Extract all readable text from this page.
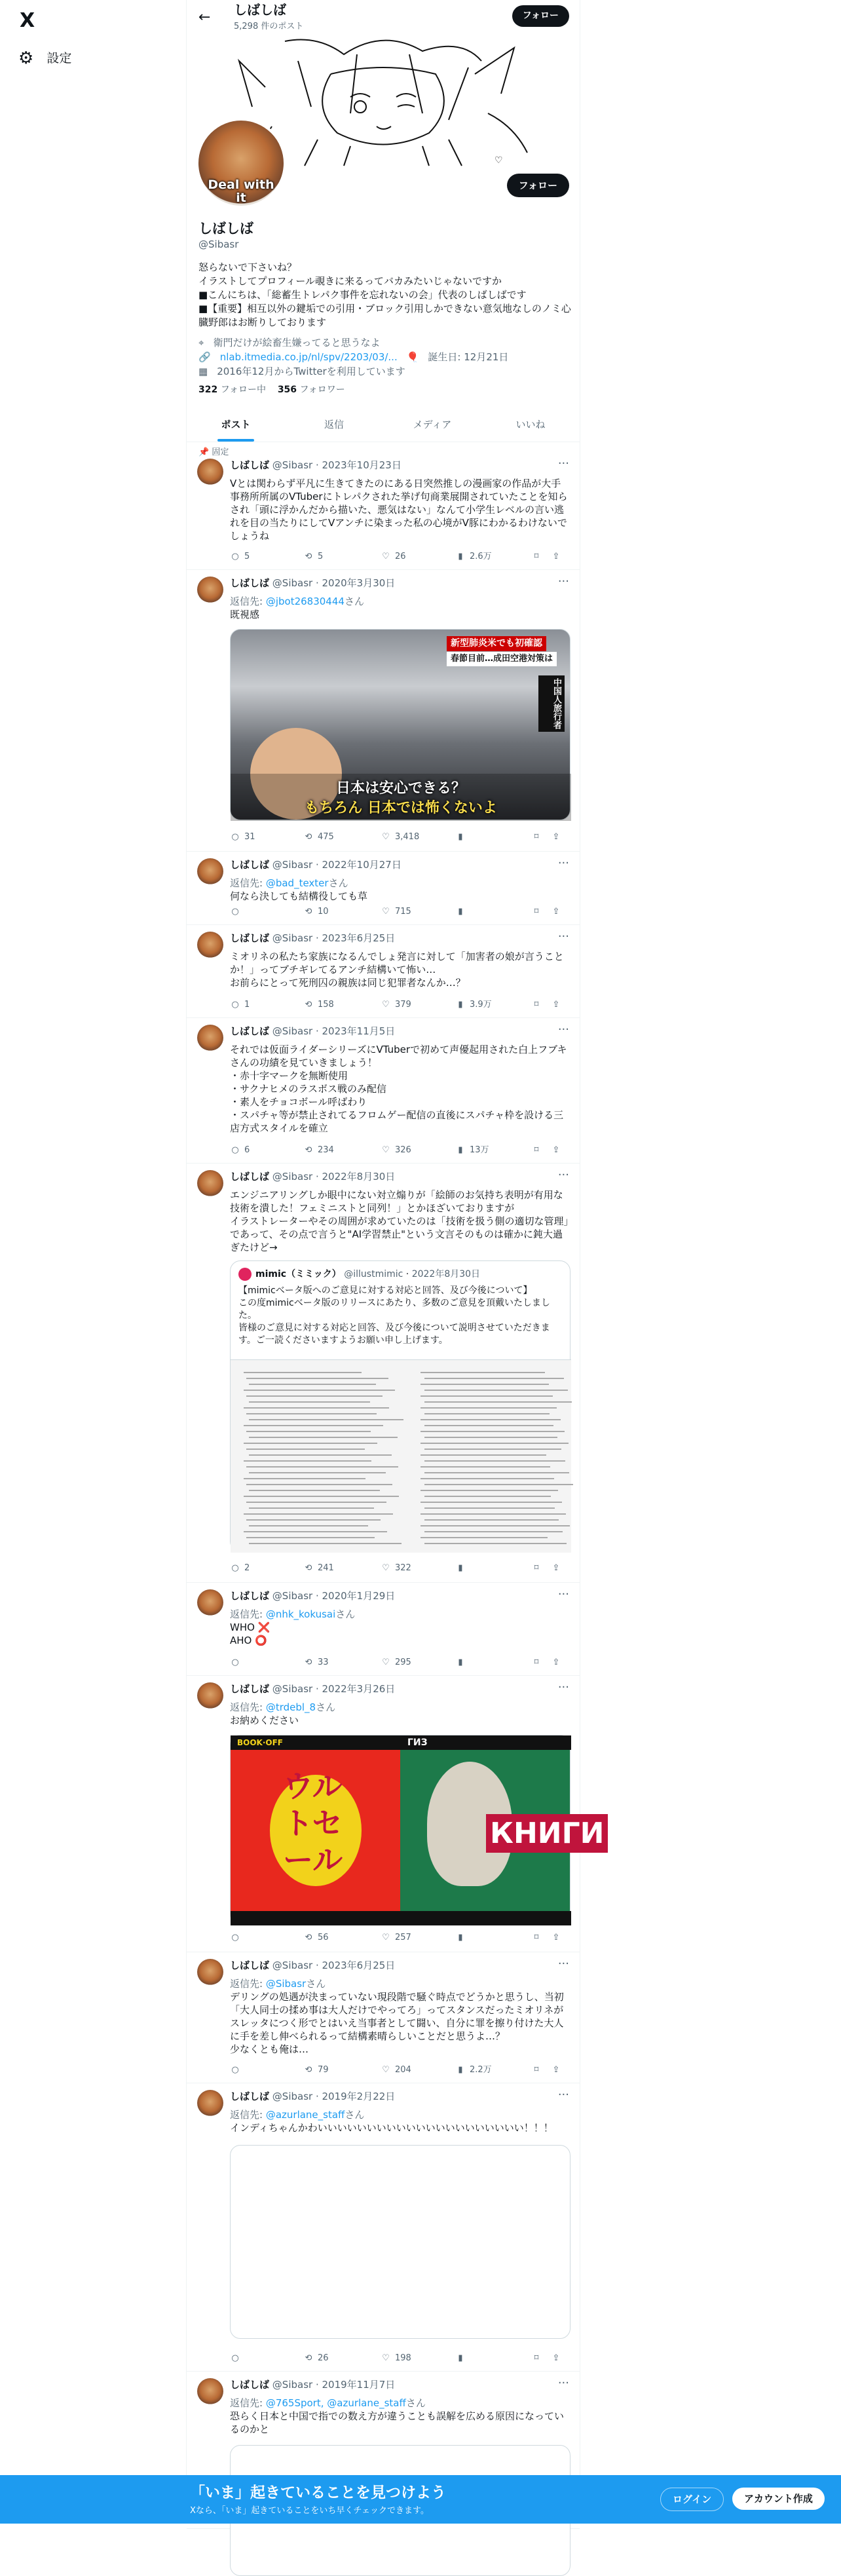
X
⚙ 設定
← しばしば
5,298 件のポスト
フォロー
♡
Deal with it
フォロー
しばしば
@Sibasr
怒らないで下さいね？
イラストしてプロフィール覗きに来るってバカみたいじゃないですか
■こんにちは、「総蓄生トレパク事件を忘れないの会」代表のしばしばです
■【重要】相互以外の鍵垢での引用・ブロック引用しかできない意気地なしのノミ心臓野郎はお断りしております
⌖ 衛門だけが絵畜生嫌ってると思うなよ
🔗 nlab.itmedia.co.jp/nl/spv/2203/03/... 🎈 誕生日: 12月21日
▦ 2016年12月からTwitterを利用しています
322 フォロー中 356 フォロワー
ポスト	返信	メディア	いいね
📌 固定
しばしば @Sibasr · 2023年10月23日	···
Vとは関わらず平凡に生きてきたのにある日突然推しの漫画家の作品が大手事務所所属のVTuberにトレパクされた挙げ句商業展開されていたことを知らされ「頭に浮かんだから描いた、悪気はない」なんて小学生レベルの言い逃れを目の当たりにしてVアンチに染まった私の心境がV豚にわかるわけないでしょうね
○ 5	⟲ 5	♡ 26	▮ 2.6万	⌑	⇪
しばしば @Sibasr · 2020年3月30日	···
返信先: @jbot26830444さん
既視感
新型肺炎米でも初確認
春節目前…成田空港対策は
中国人旅行者
日本は安心できる？
もちろん 日本では怖くないよ
○ 31	⟲ 475	♡ 3,418	▮	⌑	⇪
しばしば @Sibasr · 2022年10月27日	···
返信先: @bad_texterさん
何なら決しても結構役しても草
○	⟲ 10	♡ 715	▮	⌑	⇪
しばしば @Sibasr · 2023年6月25日	···
ミオリネの私たち家族になるんでしょ発言に対して「加害者の娘が言うことか！」ってブチギレてるアンチ結構いて怖い…
お前らにとって死刑囚の親族は同じ犯罪者なんか…？
○ 1	⟲ 158	♡ 379	▮ 3.9万	⌑	⇪
しばしば @Sibasr · 2023年11月5日	···
それでは仮面ライダーシリーズにVTuberで初めて声優起用された白上フブキさんの功績を見ていきましょう！
・赤十字マークを無断使用
・サクナヒメのラスボス戦のみ配信
・素人をチョコボール呼ばわり
・スパチャ等が禁止されてるフロムゲー配信の直後にスパチャ枠を設ける三店方式スタイルを確立
○ 6	⟲ 234	♡ 326	▮ 13万	⌑	⇪
しばしば @Sibasr · 2022年8月30日	···
エンジニアリングしか眼中にない対立煽りが「絵師のお気持ち表明が有用な技術を潰した！フェミニストと同列！」とかほざいておりますが
イラストレーターやその周囲が求めていたのは「技術を扱う側の適切な管理」であって、その点で言うと"AI学習禁止"という文言そのものは確かに鈍大過ぎたけど→
mimic（ミミック） @illustmimic · 2022年8月30日
【mimicベータ版へのご意見に対する対応と回答、及び今後について】
この度mimicベータ版のリリースにあたり、多数のご意見を頂戴いたしました。
皆様のご意見に対する対応と回答、及び今後について説明させていただきます。ご一読くださいますようお願い申し上げます。
○ 2	⟲ 241	♡ 322	▮	⌑	⇪
しばしば @Sibasr · 2020年1月29日	···
返信先: @nhk_kokusaiさん
WHO ❌
AHO ⭕
○	⟲ 33	♡ 295	▮	⌑	⇪
しばしば @Sibasr · 2022年3月26日	···
返信先: @trdebl_8さん
お納めください
BOOK·OFF	ГИЗ
ウルトセール
КНИГИ
○	⟲ 56	♡ 257	▮	⌑	⇪
しばしば @Sibasr · 2023年6月25日	···
返信先: @Sibasrさん
デリングの処遇が決まっていない現段階で騒ぐ時点でどうかと思うし、当初「大人同士の揉め事は大人だけでやってろ」ってスタンスだったミオリネがスレッタにつく形でとはいえ当事者として闘い、自分に罪を擦り付けた大人に手を差し伸べられるって結構素晴らしいことだと思うよ…？
少なくとも俺は…
○	⟲ 79	♡ 204	▮ 2.2万	⌑	⇪
しばしば @Sibasr · 2019年2月22日	···
返信先: @azurlane_staffさん
インディちゃんかわいいいいいいいいいいいいいいいいいいいいい！！！
○	⟲ 26	♡ 198	▮	⌑	⇪
しばしば @Sibasr · 2019年11月7日	···
返信先: @765Sport, @azurlane_staffさん
恐らく日本と中国で指での数え方が違うことも誤解を広める原因になっているのかと
「いま」起きていることを見つけよう
Xなら、「いま」起きていることをいち早くチェックできます。
ログイン	アカウント作成
